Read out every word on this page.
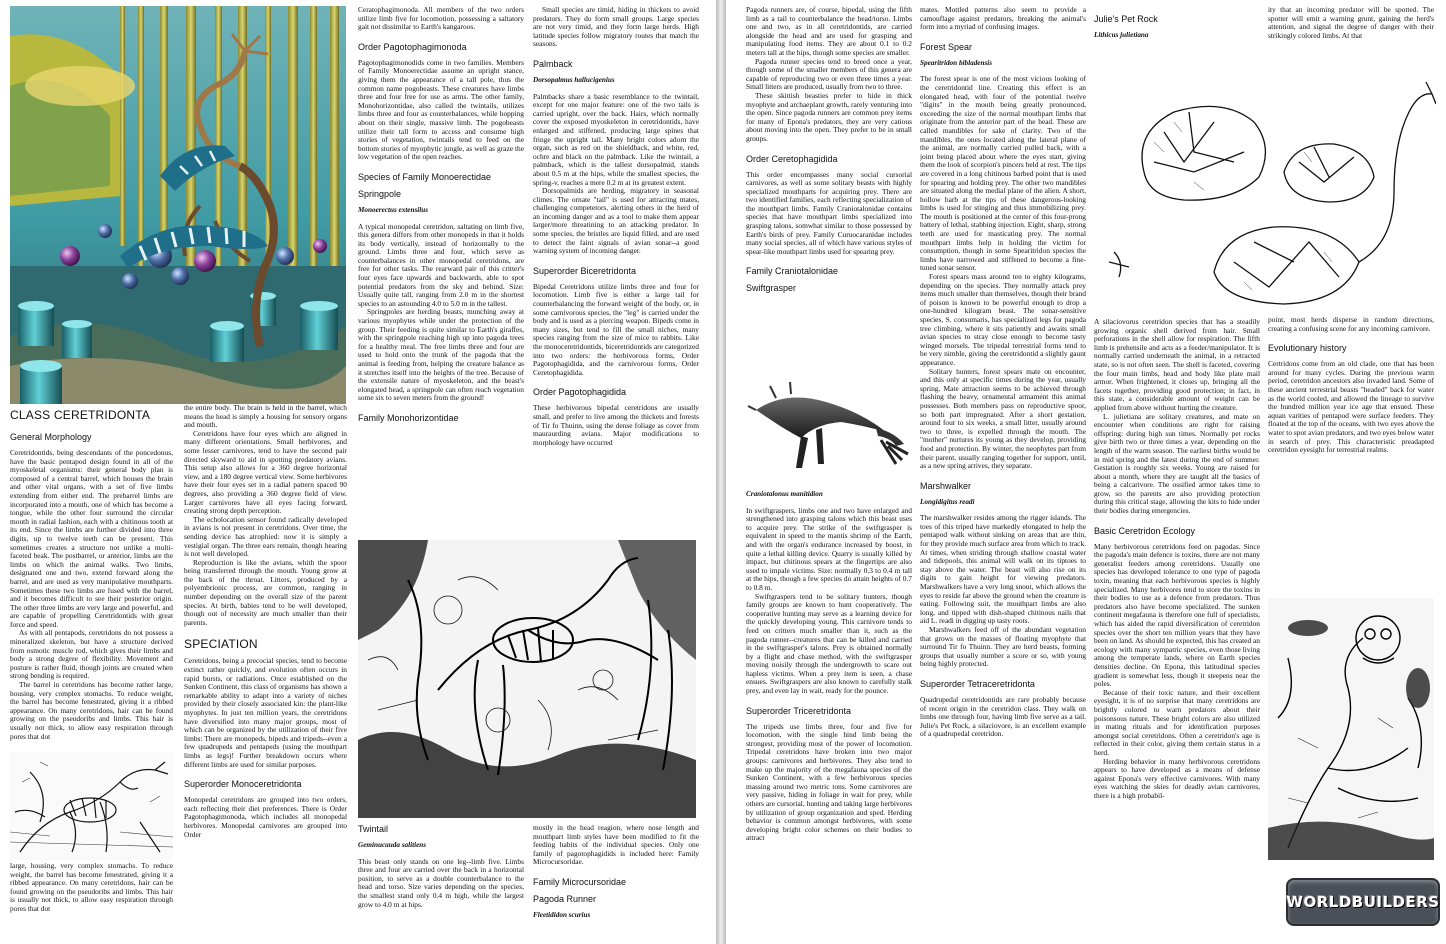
CLASS CERETRIDONTA
General Morphology

Ceretridontids, being descendants of the poncedonus, have the basic pentapod design found in all of the myoskeletal organisms: their general body plan is composed of a central barrel, which houses the brain and other vital organs, with a set of five limbs extending from either end. The prebarrel limbs are incorporated into a mouth, one of which has become a tongue, while the other four surround the circular mouth in radial fashion, each with a chitinous tooth at its end. Since the limbs are further divided into three digits, up to twelve teeth can be present. This sometimes creates a structure not unlike a multi-faceted beak. The postbarrel, or anterior, limbs are the limbs on which the animal walks. Two limbs, designated one and two, extend forward along the barrel, and are used as very manipulative mouthparts. Sometimes these two limbs are fused with the barrel, and it becomes difficult to see their posterior origin. The other three limbs are very large and powerful, and are capable of propelling Ceretridontids with great force and speed.

As with all pentapods, ceretridons do not possess a mineralized skeleton, but have a structure derived from osmotic muscle rod, which gives their limbs and body a strong degree of flexibility. Movement and posture is rather fluid, though joints are created when strong bending is required.

The barrel in ceretridons has become rather large, housing, very complex stomachs. To reduce weight, the barrel has become fenestrated, giving it a ribbed appearance. On many ceretridons, hair can be found growing on the pseudoribs and limbs. This hair is usually not thick, to allow easy respiration through pores that dot

large, housing, very complex stomachs. To reduce weight, the barrel has become fenestrated, giving it a ribbed appearance. On many ceretridons, hair can be found growing on the pseudoribs and limbs. This hair is usually not thick, to allow easy respiration through pores that dot

the entire body. The brain is held in the barrel, which means the head is simply a housing for sensory organs and mouth.

Ceretridons have four eyes which are aligned in many different orientations. Small herbivores, and some lesser carnivores, tend to have the second pair directed skyward to aid in spotting predatory avians. This setup also allows for a 360 degree horizontal view, and a 180 degree vertical view. Some herbivores have their four eyes set in a radial pattern spaced 90 degrees, also providing a 360 degree field of view. Larger carnivores have all eyes facing forward, creating strong depth perception.

The echolocation sensor found radically developed in avians is not present in ceretridons. Over time, the sending device has atrophied: now it is simply a vestigial organ. The three ears remain, though hearing is not well developed.

Reproduction is like the avians, whith the spoor being transferred through the mouth. Young grow at the back of the throat. Litters, produced by a polyembrionic process, are common, ranging in number depending on the overall size of the parent species. At birth, babies tend to be well developed, though out of necessity are much smaller than their parents.

SPECIATION

Ceretridons, being a precocial species, tend to become extinct rather quickly, and evolution often occurs in rapid bursts, or radiations. Once established on the Sunken Continent, this class of organisms has shown a remarkable ability to adapt into a variety of niches provided by their closely associated kin: the plant-like myophytes. In just ten million years, the ceretridons have diversified into many major groups, most of which can be organized by the utilization of their five limbs: There are monopeds, bipeds and tripeds--even a few quadrupeds and pentapeds (using the mouthpart limbs as legs)! Further breakdown occurs where different limbs are used for similar purposes.

Superorder Monoceretridonta

Monopedal ceretridons are grouped into two orders, each reflecting their diet preferences. There is Order Pagotophagimonoda, which includes all monopedal herbivores. Monopedal carnivores are grouped into Order

Ceratophagimonoda. All members of the two orders utilize limb five for locomotion, possessing a saltatory gait not dissimilar to Earth's kangaroos.

Order Pagotophagimonoda

Pagotophagimonodids come in two families. Members of Family Monoerectidae assume an upright stance, giving them the appearance of a tall pole, thus the common name pogobeasts. These creatures have limbs three and four free for use as arms. The other family, Monohorizontidae, also called the twintails, utilizes limbs three and four as counterbalances, while hopping about on their single, massive limb. The pogobeasts utilize their tall form to access and consume high stories of vegetation, twintails tend to feed on the bottom stories of myophytic jungle, as well as graze the low vegetation of the open reaches.

Species of Family Monoerectidae
Springpole
Monoerectus extensilus

A typical monopedal ceretridon, saltating on limb five, this genera differs from other monopeds in that it holds its body vertically, instead of horizontally to the ground. Limbs three and four, which serve as counterbalances in other monopedal ceretridons, are free for other tasks. The rearward pair of this critter's four eyes face upwards and backwards, able to spot potential predators from the sky and behind. Size: Usually quite tall, ranging from 2.0 m in the shortest species to an astounding 4.0 to 5.0 m in the tallest.

Springpoles are herding beasts, munching away at various myophytes while under the protection of the group. Their feeding is quite similar to Earth's giraffes, with the springpole reaching high up into pagoda trees for a healthy meal. The free limbs three and four are used to hold onto the trunk of the pagoda that the animal is feeding from, helping the creature balance as it stretches itself into the heights of the tree. Because of the extensile nature of myoskeleton, and the beast's elongated head, a springpole can often reach vegetation some six to seven meters from the ground!

Family Monohorizontidae
Twintail
Geminucauda salitiens

This beast only stands on one leg--limb five. Limbs three and four are carried over the back in a horizontal position, to serve as a double counterbalance to the head and torso. Size varies depending on the species, the smallest stand only 0.4 m high, while the largest grow to 4.0 m at hips.

Small species are timid, hiding in thickets to avoid predators. They do form small groups. Large species are not very timid, and they form large herds. High latitude species follow migratory routes that match the seasons.

Palmback
Dorsopalmus hallucigenius

Palmbacks share a basic resemblance to the twintail, except for one major feature: one of the two tails is carried upright, over the back. Hairs, which normally cover the exposed myoskeleton in ceretridontids, have enlarged and stiffened, producing large spines that fringe the upright tail. Many bright colors adorn the organ, such as red on the shieldback, and white, red, ochre and black on the palmback. Like the twintail, a palmback, which is the tallest dorsopalmid, stands about 0.5 m at the hips, while the smallest species, the spring-v, reaches a mere 0.2 m at its greatest extent.

Dorsopalmids are herding, migratory in seasonal climes. The ornate "tail" is used for attracting mates, challenging competetors, alerting others in the herd of an incoming danger and as a tool to make them appear larger/more threatining to an attacking predator. In some species, the bristles are liquid filled, and are used to detect the faint signals of avian sonar--a good warning system of incoming danger.

Superorder Biceretridonta

Bipedal Ceretridons utilize limbs three and four for locomotion. Limb five is either a large tail for counterbalancing the forward weight of the body, or, in some carnivorous species, the "leg" is carried under the body and is used as a piercing weapon. Bipeds come in many sizes, but tend to fill the small niches, many species ranging from the size of mice to rabbits. Like the monoceretridontids, biceretridontids are categorized into two orders: the herbivorous forms, Order Pagotophagidida, and the carnivorous forms, Order Ceretophagidida.

Order Pagotophagidida

These herbivorous bipedal ceretridons are usually small, and prefer to live among the thickets and forests of Tir fo Thuinn, using the dense foliage as cover from mauraurding avians. Major modifications to morphology have occurred

mostly in the head reagion, where nose length and mouthpart limb styles have been modified to fit the feeding habits of the individual species. Only one family of pagotophagidids is included here: Family Microcursoridae.

Family Microcursoridae
Pagoda Runner
Fleetididon scurius

Pagoda runners are, of course, bipedal, using the fifth limb as a tail to counterbalance the head/torso. Limbs one and two, as in all ceretridontids, are carried alongside the head and are used for grasping and manipulating food items. They are about 0.1 to 0.2 meters tall at the hips, though some species are smaller.

Pagoda runner species tend to breed once a year, though some of the smaller members of this genera are capable of reproducing two or even three times a year. Small litters are produced, usually from two to three.

These skittish beasties prefer to hide in thick myophyte and archaeplant growth, rarely venturing into the open. Since pagoda runners are common prey items for many of Epona's predators, they are very catious about moving into the open. They prefer to be in small groups.

Order Ceretophagidida

This order encompasses many social cursorial carnivores, as well as some solitary beasts with highly specialized mouthparts for acquiring prey. There are two identified families, each reflecting specialization of the mouthpart limbs. Family Craniotalonidae contains species that have mouthpart limbs specialized into grasping talons, somwhat similar to those possessed by Earth's birds of prey. Family Curuocaranidae includes many social species, all of which have various styles of spear-like mouthpart limbs used for spearing prey.

Family Craniotalonidae
Swiftgrasper
Craniotalonus manitidion

In swiftgraspers, limbs one and two have enlarged and strengthened into grasping talons which this beast uses to acquire prey. The strike of the swiftgrasper is equivalent in speed to the mantis shrimp of the Earth, and with the organ's endurance increased by boost, in quite a lethal killing device. Quarry is usually killed by impact, but chitinous spears at the fingertips are also used to impale victims. Size: normally 0.3 to 0.4 m tall at the hips, though a few species do attain heights of 0.7 to 0.8 m.

Swiftgraspers tend to be solitary hunters, though family groups are known to hunt cooperatively. The cooperative hunting may serve as a learning device for the quickly developing young. This carnivore tends to feed on critters much smaller than it, such as the pagoda runner--creatures that can be killed and carried in the swiftgrasper's talons. Prey is obtained normally by a flight and chase method, with the swiftgrasper moving noisily through the undergrowth to scare out hapless victims. When a prey item is seen, a chase ensues. Swiftgraspers are also known to carefully stalk prey, and even lay in wait, ready for the pounce.

Superorder Triceretridonta

The tripeds use limbs three, four and five for locomotion, with the single hind limb being the strongest, providing most of the power of locomotion. Tripedal ceretridons have broken into two major groups: carnivores and herbivores. They also tend to make up the majority of the megafauna species of the Sunken Continent, with a few herbivorous species massing around two metric tons. Some carnivores are very passive, hiding in foliage in wait for prey, while others are cursorial, hunting and taking large herbivores by utilization of group organization and sped. Herding behavior is common amongst herbivores, with some developing bright color schemes on their bodies to attract

mates. Mottled patterns also seem to provide a camouflage against predators, breaking the animal's form into a myriad of confusing images.

Forest Spear
Spearitridon bibladensis

The forest spear is one of the most vicious looking of the ceretridontid line. Creating this effect is an elongated head, with four of the potential twelve "digits" in the mouth being greatly pronounced, exceeding the size of the normal mouthpart limbs that originate from the anterior part of the head. These are called mandibles for sake of clarity. Two of the mandibles, the ones located along the lateral plane of the animal, are normally carried pulled back, with a joint being placed about where the eyes start, giving them the look of scorpion's pincers held at rest. The tips are covered in a long chitinous barbed point that is used for spearing and holding prey. The other two mandibles are situated along the medial plane of the alien. A short, hollow barb at the tips of these dangerous-looking limbs is used for stinging and thus immobilizing prey. The mouth is positioned at the center of this four-prong battery of lethal, stabbing injection. Eight, sharp, strong teeth are used for masticating prey. The normal mouthpart limbs help in holding the victim for consumption, though in some Spearitridon species the limbs have narrowed and stiffened to become a fine-tuned sonar sensor.

Forest spears mass around ten to eighty kilograms, depending on the species. They normally attack prey items much smaller than themselves, though their brand of poison is known to be powerful enough to drop a one-hundred kilogram beast. The sonar-sensitive species, S. consumaris, has specialized legs for pagoda tree climbing, where it sits patiently and awaits small avian species to stray close enough to become tasty winged morsels. The tripedal terrestrial forms tend to be very nimble, giving the ceretridontid a slightly gaunt appearance.

Solitary hunters, forest spears mate on encounter, and this only at specific times during the year, usually spring. Mate attraction seems to be achieved through flashing the heavy, ornamental armament this animal possesses. Both members pass on reproductive spoor, so both part impregnated. After a short gestation, around four to six weeks, a small litter, usually around two to three, is expelled through the mouth. The "mother" nurtures its young as they develop, providing food and protection. By winter, the neophytes part from their parent, usually ranging together for support, until, as a new spring arrives, they separate.

Marshwalker
Longidigitus readi

The marshwalker resides among the rigger islands. The toes of this triped have markedly elongated to help the pentapod walk without sinking on areas that are thin, for they provide much surface area from which to track. At times, when striding through shallow coastal water and tidepools, this animal will walk on its tiptoes to stay above the water. The beast will also rise on its digits to gain height for viewing predators. Marshwalkers have a very long snout, which allows the eyes to reside far above the ground when the creature is eating. Following suit, the mouthpart limbs are also long, and tipped with dish-shaped chitinous nails that aid L. readi in digging up tasty roots.

Marshwalkers feed off of the abundant vegetation that grows on the masses of floating myophyte that surround Tir fo Thuinn. They are herd beasts, forming groups that usually number a score or so, with young being highly protected.

Superorder Tetraceretridonta

Quadrupedal ceretridontids are rare probably because of recent origin in the ceretridon class. They walk on limbs one through four, having limb five serve as a tail. Julie's Pet Rock, a silaciovore, is an excellent example of a quadrupedal ceretridon.

Julie's Pet Rock
Lithicus julietiana

ity that an incoming predator will be spotted. The spotter will emit a warning grunt, gaining the herd's attention, and signal the degree of danger with their strikingly colored limbs. At that

A silaciovorus ceretridon species that has a steadily growing organic shell derived from hair. Small perforations in the shell allow for respiration. The fifth limb is prehensile and acts as a feeder/manipulator. It is normally carried underneath the animal, in a retracted state, so is not often seen. The shell is faceted, covering the four main limbs, head and body like plate mail armor. When frightened, it closes up, bringing all the facets together, providing good protection; in fact, in this state, a considerable amount of weight can be applied from above without hurting the creature.

L. julietiana are solitary creatures, and mate on encounter when conditions are right for raising offspring: during high sun times. Normally pet rocks give birth two or three times a year, depending on the length of the warm season. The earliest births would be in mid spring and the latest during the end of summer. Gestation is roughly six weeks. Young are raised for about a month, where they are taught all the basics of being a calcarivore. The ossified armor takes time to grow, so the parents are also providing protection during this critical stage, allowing the kits to hide under their bodies during emergencies.

Basic Ceretridon Ecology

Many herbivorous ceretridons feed on pagodas. Since the pagoda's main defence is toxins, there are not many generalist feeders among ceretridons. Usually one species has developed tolerance to one type of pagoda toxin, meaning that each herbivorous species is highly specialized. Many herbivores tend to store the toxins in their bodies to use as a defence from predators. Thus predators also have become specialized. The sunken continent megafauna is therefore one full of specialists, which has aided the rapid diversification of ceretridon species over the short ten million years that they have been on land. As should be expected, this has created an ecology with many sympatric species, even those living among the temperate lands, where on Earth species densities decline. On Epona, this latitudinal species gradient is somewhat less, though it steepens near the poles.

Because of their toxic nature, and their excellent eyesight, it is of no surprise that many ceretridons are brightly colored to warn predators about their poisonsous nature. These bright colors are also utilized in mating rituals and for identification purposes amongst social ceretridons. Often a ceretridon's age is reflected in their color, giving them certain status in a herd.

Herding behavior in many herbivorous ceretridons appears to have developed as a means of defense against Epona's very effective carnivores. With many eyes watching the skies for deadly avian carnivores, there is a high probabil-

point, most herds disperse in random directions, creating a confusing scene for any incoming carnivore.

Evolutionary history

Certridons come from an old clade, one that has been around for many cycles. During the previous warm period, ceretridon ancestors also invaded land. Some of these ancient terrestrial beasts "headed" back for water as the world cooled, and allowed the lineage to survive the hundred million year ice age that ensued. These aquan varities of pentapod were surface feeders. They floated at the top of the oceans, with two eyes above the water to spot avian predators, and two eyes below water in search of prey. This characteristic preadapted ceretridon eyesight for terrestrial realms.

WORLDBUILDERS
